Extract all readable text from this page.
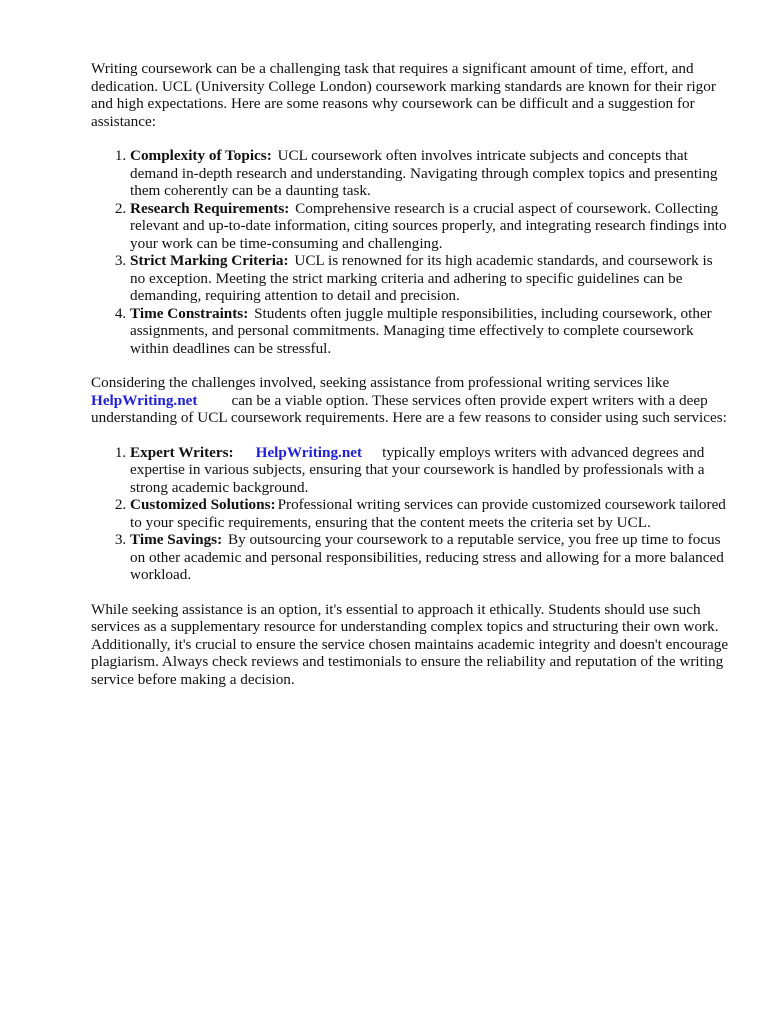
Writing coursework can be a challenging task that requires a significant amount of time, effort, and dedication. UCL (University College London) coursework marking standards are known for their rigor and high expectations. Here are some reasons why coursework can be difficult and a suggestion for assistance:

1. Complexity of Topics: UCL coursework often involves intricate subjects and concepts that demand in-depth research and understanding. Navigating through complex topics and presenting them coherently can be a daunting task.
2. Research Requirements: Comprehensive research is a crucial aspect of coursework. Collecting relevant and up-to-date information, citing sources properly, and integrating research findings into your work can be time-consuming and challenging.
3. Strict Marking Criteria: UCL is renowned for its high academic standards, and coursework is no exception. Meeting the strict marking criteria and adhering to specific guidelines can be demanding, requiring attention to detail and precision.
4. Time Constraints: Students often juggle multiple responsibilities, including coursework, other assignments, and personal commitments. Managing time effectively to complete coursework within deadlines can be stressful.

Considering the challenges involved, seeking assistance from professional writing services like
HelpWriting.net can be a viable option. These services often provide expert writers with a deep understanding of UCL coursework requirements. Here are a few reasons to consider using such services:

1. Expert Writers: HelpWriting.net typically employs writers with advanced degrees and expertise in various subjects, ensuring that your coursework is handled by professionals with a strong academic background.
2. Customized Solutions: Professional writing services can provide customized coursework tailored to your specific requirements, ensuring that the content meets the criteria set by UCL.
3. Time Savings: By outsourcing your coursework to a reputable service, you free up time to focus on other academic and personal responsibilities, reducing stress and allowing for a more balanced workload.

While seeking assistance is an option, it's essential to approach it ethically. Students should use such services as a supplementary resource for understanding complex topics and structuring their own work. Additionally, it's crucial to ensure the service chosen maintains academic integrity and doesn't encourage plagiarism. Always check reviews and testimonials to ensure the reliability and reputation of the writing service before making a decision.
